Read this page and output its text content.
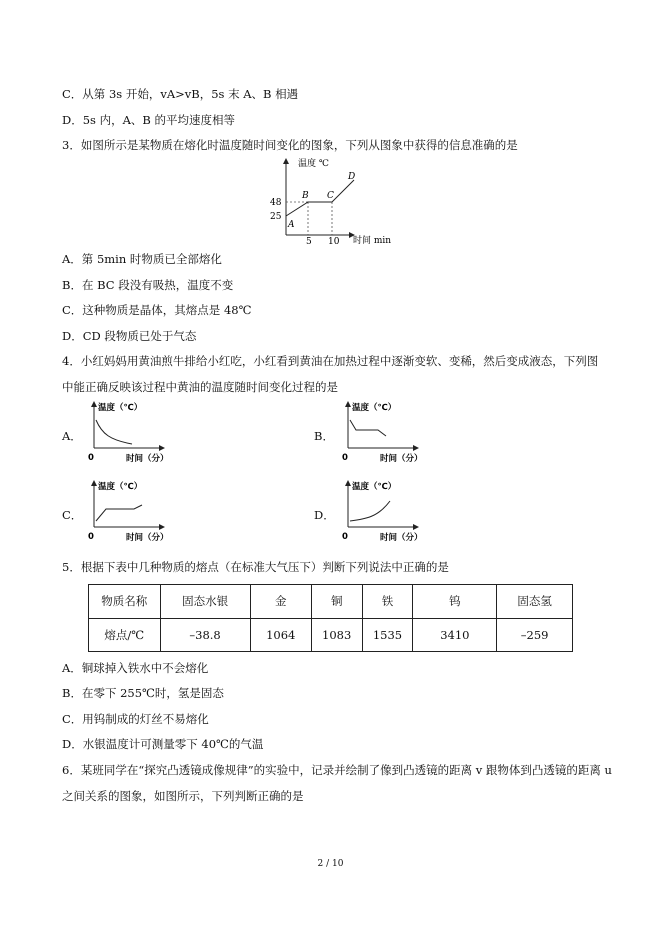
C．从第 3s 开始，vA>vB，5s 末 A、B 相遇
D．5s 内，A、B 的平均速度相等
3．如图所示是某物质在熔化时温度随时间变化的图象，下列从图象中获得的信息准确的是
温度 ℃
时间 min
48
25
5 10
A
B C
D
A．第 5min 时物质已全部熔化
B．在 BC 段没有吸热，温度不变
C．这种物质是晶体，其熔点是 48℃
D．CD 段物质已处于气态
4．小红妈妈用黄油煎牛排给小红吃，小红看到黄油在加热过程中逐渐变软、变稀，然后变成液态，下列图
中能正确反映该过程中黄油的温度随时间变化过程的是
A．
温度（℃）
时间（分）
0
B．
温度（℃）
时间（分）
0
C．
温度（℃）
时间（分）
0
D．
温度（℃）
时间（分）
0
5．根据下表中几种物质的熔点（在标准大气压下）判断下列说法中正确的是
物质名称	固态水银	金	铜	铁	钨	固态氢
熔点/℃	–38.8	1064	1083	1535	3410	–259
A．铜球掉入铁水中不会熔化
B．在零下 255℃时，氢是固态
C．用钨制成的灯丝不易熔化
D．水银温度计可测量零下 40℃的气温
6．某班同学在“探究凸透镜成像规律”的实验中，记录并绘制了像到凸透镜的距离 v 跟物体到凸透镜的距离 u
之间关系的图象，如图所示，下列判断正确的是
2 / 10
